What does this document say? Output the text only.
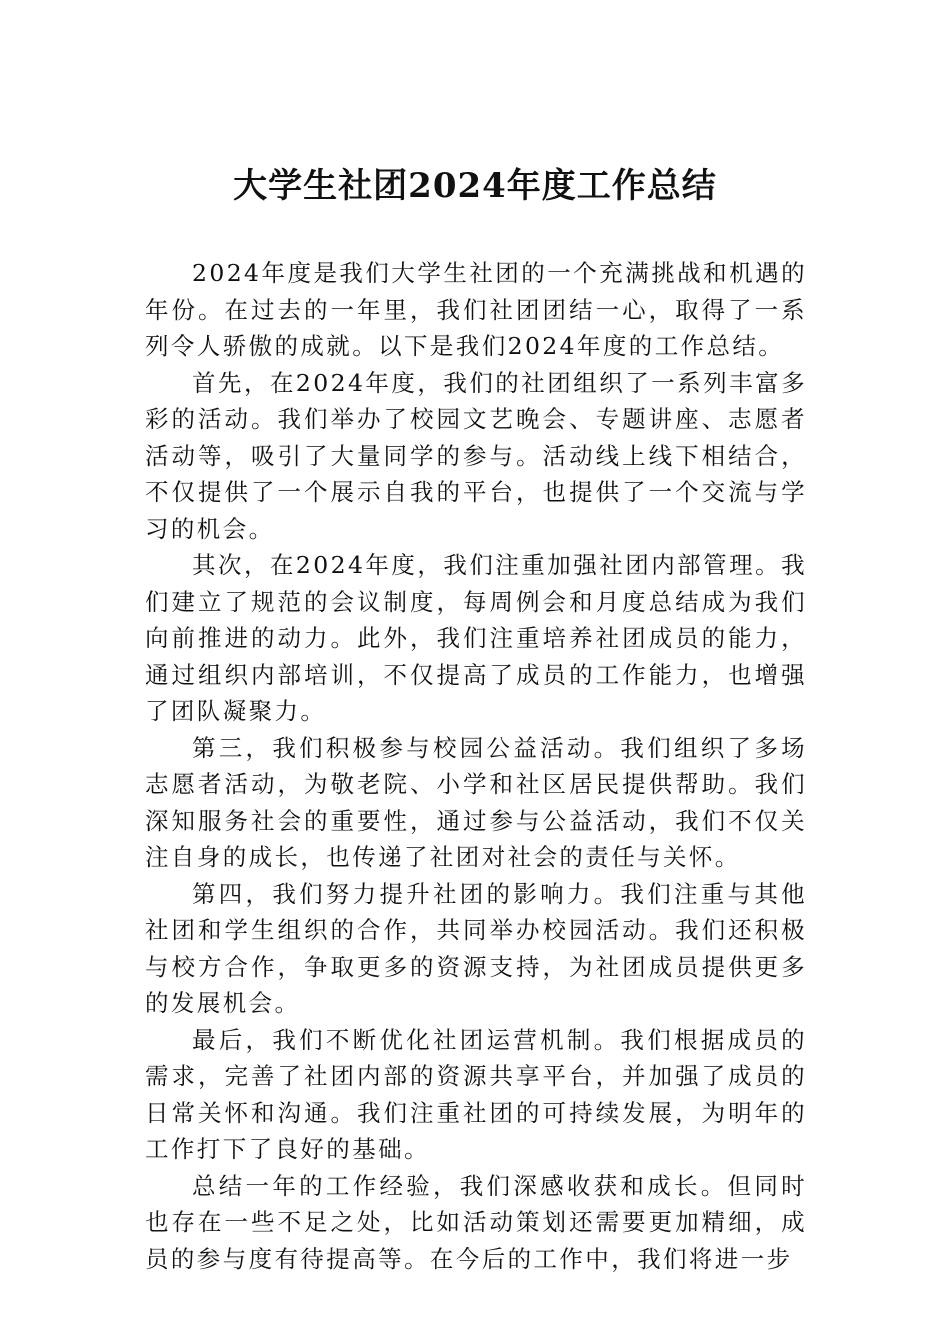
大学生社团2024年度工作总结

2024年度是我们大学生社团的一个充满挑战和机遇的年份。在过去的一年里，我们社团团结一心，取得了一系列令人骄傲的成就。以下是我们2024年度的工作总结。

首先，在2024年度，我们的社团组织了一系列丰富多彩的活动。我们举办了校园文艺晚会、专题讲座、志愿者活动等，吸引了大量同学的参与。活动线上线下相结合，不仅提供了一个展示自我的平台，也提供了一个交流与学习的机会。

其次，在2024年度，我们注重加强社团内部管理。我们建立了规范的会议制度，每周例会和月度总结成为我们向前推进的动力。此外，我们注重培养社团成员的能力，通过组织内部培训，不仅提高了成员的工作能力，也增强了团队凝聚力。

第三，我们积极参与校园公益活动。我们组织了多场志愿者活动，为敬老院、小学和社区居民提供帮助。我们深知服务社会的重要性，通过参与公益活动，我们不仅关注自身的成长，也传递了社团对社会的责任与关怀。

第四，我们努力提升社团的影响力。我们注重与其他社团和学生组织的合作，共同举办校园活动。我们还积极与校方合作，争取更多的资源支持，为社团成员提供更多的发展机会。

最后，我们不断优化社团运营机制。我们根据成员的需求，完善了社团内部的资源共享平台，并加强了成员的日常关怀和沟通。我们注重社团的可持续发展，为明年的工作打下了良好的基础。

总结一年的工作经验，我们深感收获和成长。但同时也存在一些不足之处，比如活动策划还需要更加精细，成员的参与度有待提高等。在今后的工作中，我们将进一步
